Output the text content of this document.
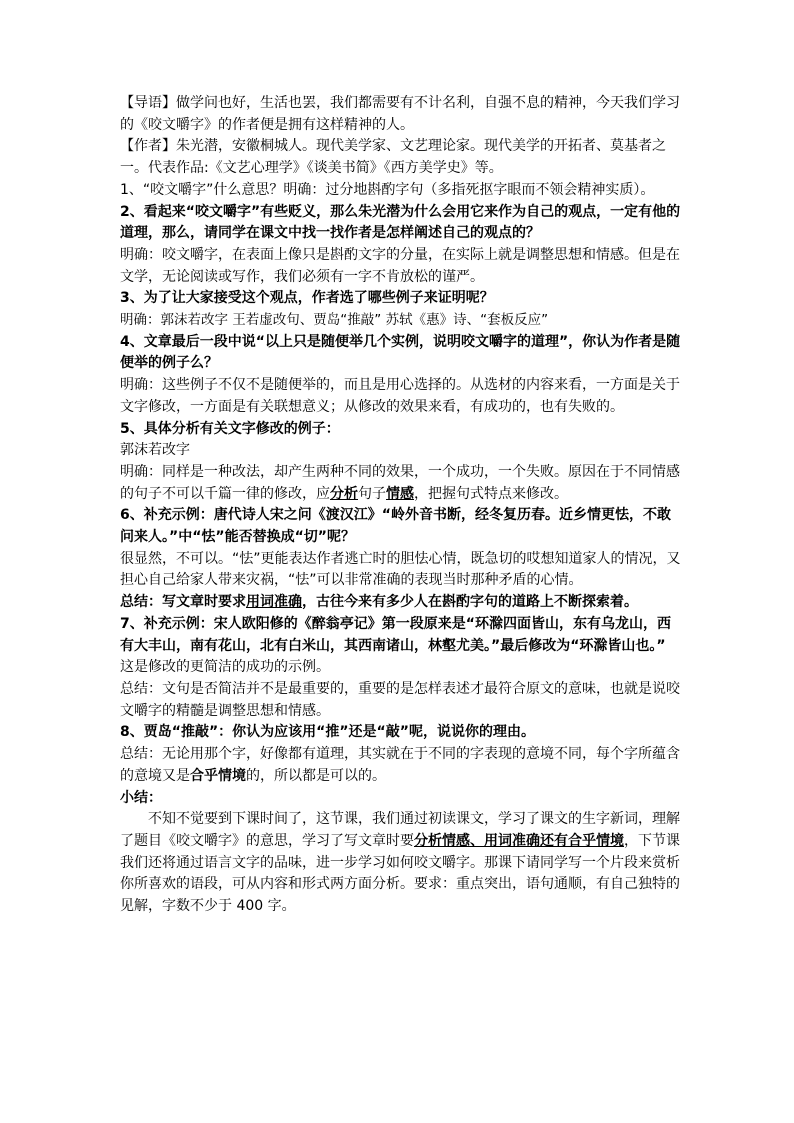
【导语】做学问也好，生活也罢，我们都需要有不计名利，自强不息的精神，今天我们学习的《咬文嚼字》的作者便是拥有这样精神的人。

【作者】朱光潜，安徽桐城人。现代美学家、文艺理论家。现代美学的开拓者、莫基者之一。代表作品:《文艺心理学》《谈美书简》《西方美学史》等。

1、“咬文嚼字”什么意思？明确：过分地斟酌字句（多指死抠字眼而不领会精神实质）。

2、看起来“咬文嚼字”有些贬义，那么朱光潜为什么会用它来作为自己的观点，一定有他的道理，那么，请同学在课文中找一找作者是怎样阐述自己的观点的？

明确：咬文嚼字，在表面上像只是斟酌文字的分量，在实际上就是调整思想和情感。但是在文学，无论阅读或写作，我们必须有一字不肯放松的谨严。

3、为了让大家接受这个观点，作者选了哪些例子来证明呢？

明确：郭沫若改字 王若虚改句、贾岛“推敲” 苏轼《惠》诗、“套板反应”

4、文章最后一段中说“以上只是随便举几个实例，说明咬文嚼字的道理”，你认为作者是随便举的例子么？

明确：这些例子不仅不是随便举的，而且是用心选择的。从选材的内容来看，一方面是关于文字修改，一方面是有关联想意义；从修改的效果来看，有成功的，也有失败的。

5、具体分析有关文字修改的例子：

郭沫若改字

明确：同样是一种改法，却产生两种不同的效果，一个成功，一个失败。原因在于不同情感的句子不可以千篇一律的修改，应分析句子情感，把握句式特点来修改。

6、补充示例：唐代诗人宋之问《渡汉江》“岭外音书断，经冬复历春。近乡情更怯，不敢问来人。”中“怯”能否替换成“切”呢？

很显然，不可以。“怯”更能表达作者逃亡时的胆怯心情，既急切的哎想知道家人的情况，又担心自己给家人带来灾祸，“怯”可以非常准确的表现当时那种矛盾的心情。

总结：写文章时要求用词准确，古往今来有多少人在斟酌字句的道路上不断探索着。

7、补充示例：宋人欧阳修的《醉翁亭记》第一段原来是“环滁四面皆山，东有乌龙山，西有大丰山，南有花山，北有白米山，其西南诸山，林壑尤美。”最后修改为“环滁皆山也。”

这是修改的更简洁的成功的示例。

总结：文句是否简洁并不是最重要的，重要的是怎样表述才最符合原文的意味，也就是说咬文嚼字的精髓是调整思想和情感。

8、贾岛“推敲”：你认为应该用“推”还是“敲”呢，说说你的理由。

总结：无论用那个字，好像都有道理，其实就在于不同的字表现的意境不同，每个字所蕴含的意境又是合乎情境的，所以都是可以的。

小结：

不知不觉要到下课时间了，这节课，我们通过初读课文，学习了课文的生字新词，理解了题目《咬文嚼字》的意思，学习了写文章时要分析情感、用词准确还有合乎情境，下节课我们还将通过语言文字的品味，进一步学习如何咬文嚼字。那课下请同学写一个片段来赏析你所喜欢的语段，可从内容和形式两方面分析。要求：重点突出，语句通顺，有自己独特的见解，字数不少于 400 字。
